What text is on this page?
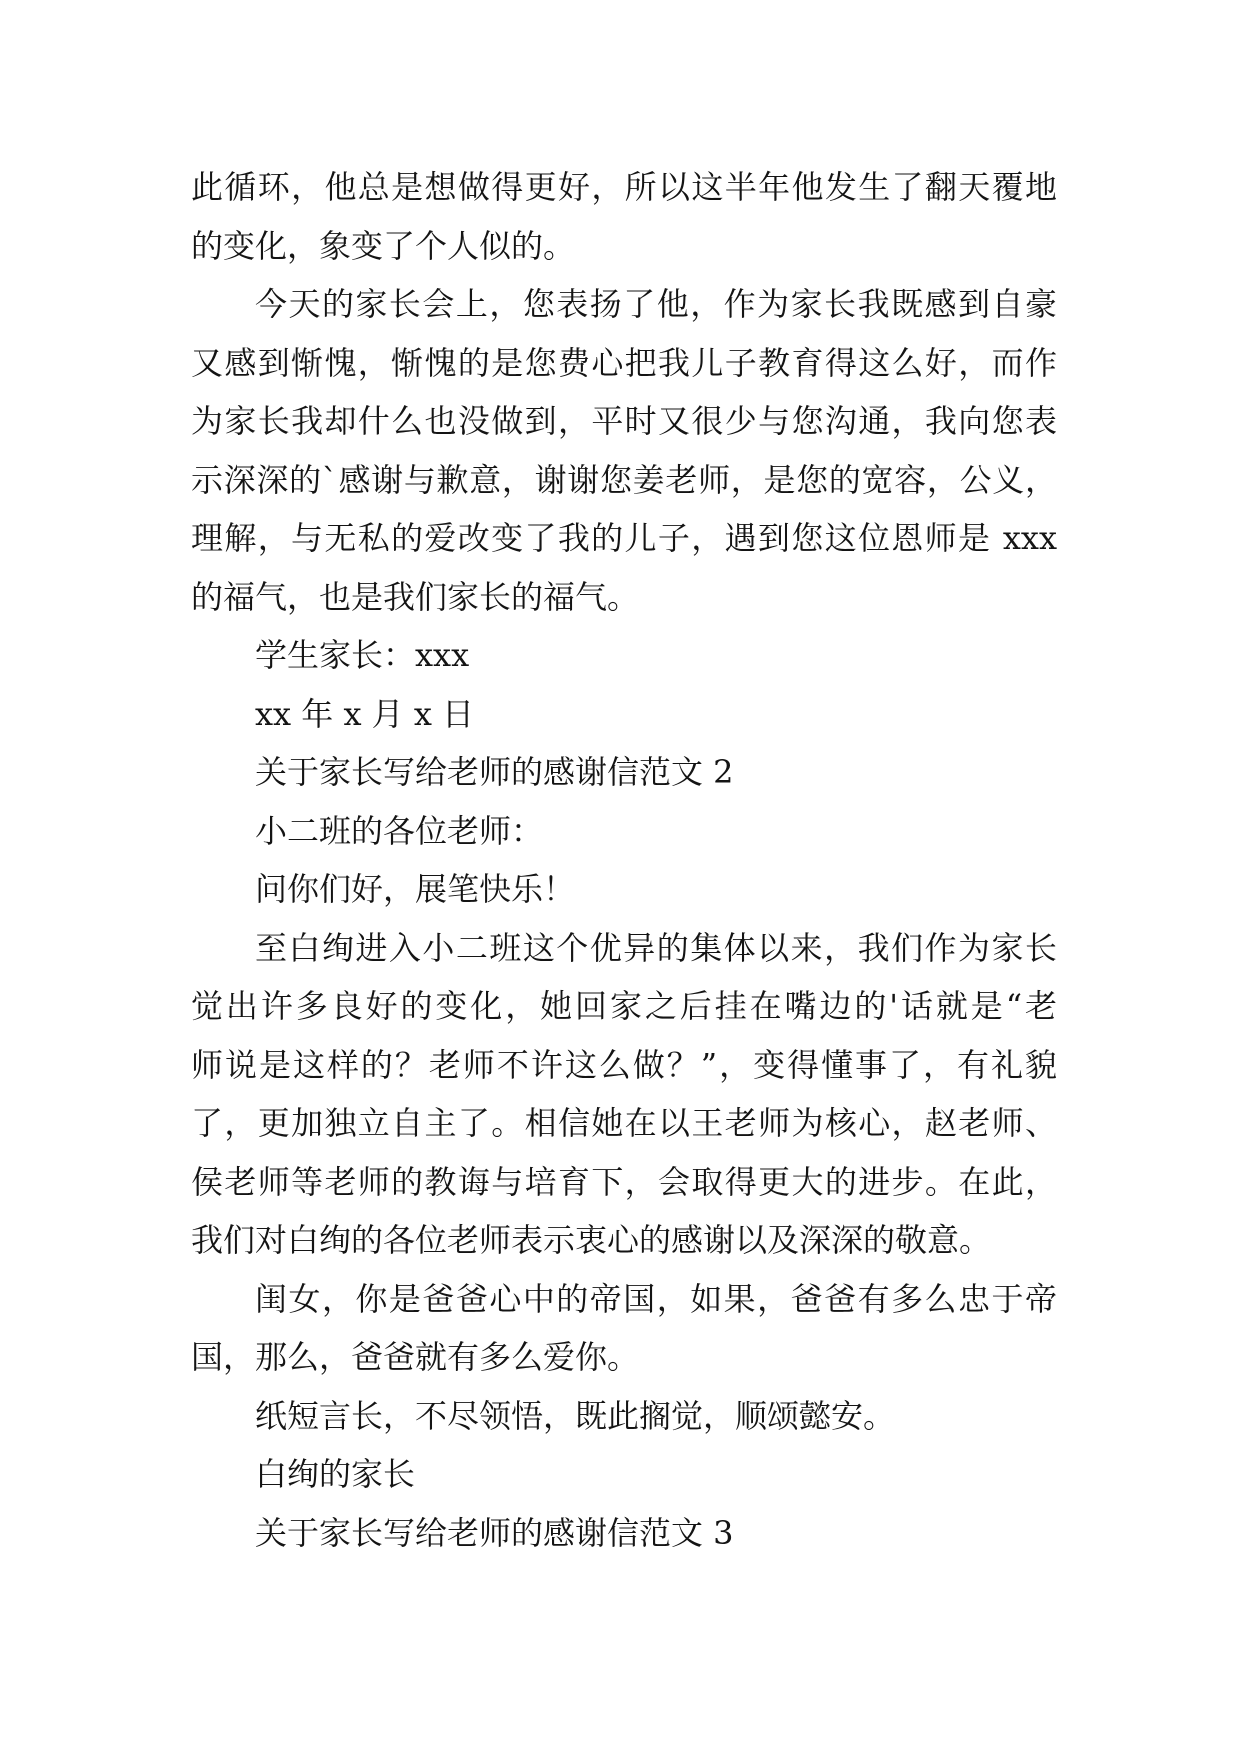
此循环，他总是想做得更好，所以这半年他发生了翻天覆地
的变化，象变了个人似的。
今天的家长会上，您表扬了他，作为家长我既感到自豪
又感到惭愧，惭愧的是您费心把我儿子教育得这么好，而作
为家长我却什么也没做到，平时又很少与您沟通，我向您表
示深深的`感谢与歉意，谢谢您姜老师，是您的宽容，公义，
理解，与无私的爱改变了我的儿子，遇到您这位恩师是 xxx
的福气，也是我们家长的福气。
学生家长：xxx
xx 年 x 月 x 日
关于家长写给老师的感谢信范文 2
小二班的各位老师：
问你们好，展笔快乐！
至白绚进入小二班这个优异的集体以来，我们作为家长
觉出许多良好的变化，她回家之后挂在嘴边的'话就是“老
师说是这样的？老师不许这么做？”，变得懂事了，有礼貌
了，更加独立自主了。相信她在以王老师为核心，赵老师、
侯老师等老师的教诲与培育下，会取得更大的进步。在此，
我们对白绚的各位老师表示衷心的感谢以及深深的敬意。
闺女，你是爸爸心中的帝国，如果，爸爸有多么忠于帝
国，那么，爸爸就有多么爱你。
纸短言长，不尽领悟，既此搁觉，顺颂懿安。
白绚的家长
关于家长写给老师的感谢信范文 3
